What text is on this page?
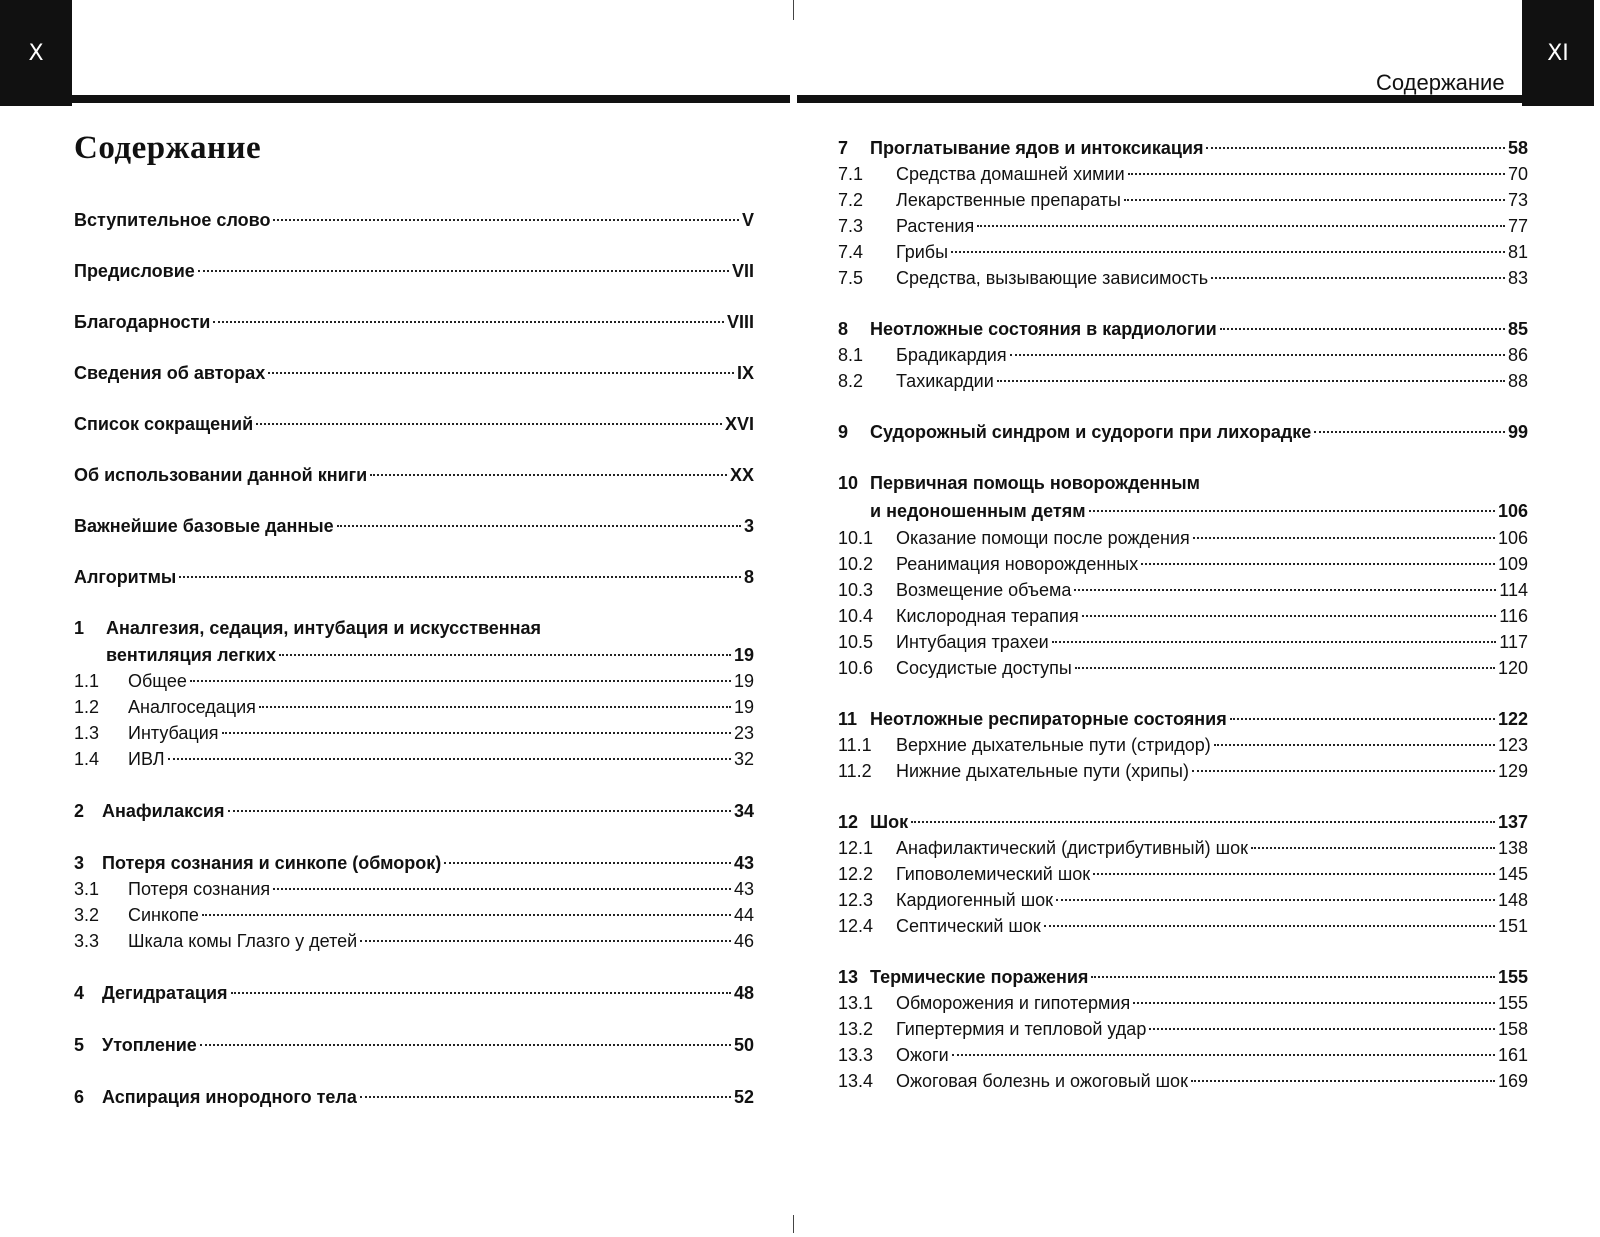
X
Содержание
XI
Содержание
Вступительное слово	V
Предисловие	VII
Благодарности	VIII
Сведения об авторах	IX
Список сокращений	XVI
Об использовании данной книги	XX
Важнейшие базовые данные	3
Алгоритмы	8
1	Аналгезия, седация, интубация и искусственная
вентиляция легких	19
1.1	Общее	19
1.2	Аналгоседация	19
1.3	Интубация	23
1.4	ИВЛ	32
2 Анафилаксия	34
3 Потеря сознания и синкопе (обморок)	43
3.1	Потеря сознания	43
3.2	Синкопе	44
3.3	Шкала комы Глазго у детей	46
4 Дегидратация	48
5 Утопление	50
6 Аспирация инородного тела	52
7	Проглатывание ядов и интоксикация	58
7.1	Средства домашней химии	70
7.2	Лекарственные препараты	73
7.3	Растения	77
7.4	Грибы	81
7.5	Средства, вызывающие зависимость	83
8	Неотложные состояния в кардиологии	85
8.1	Брадикардия	86
8.2	Тахикардии	88
9	Судорожный синдром и судороги при лихорадке	99
10 Первичная помощь новорожденным
и недоношенным детям	106
10.1	Оказание помощи после рождения	106
10.2	Реанимация новорожденных	109
10.3	Возмещение объема	114
10.4	Кислородная терапия	116
10.5	Интубация трахеи	117
10.6	Сосудистые доступы	120
11 Неотложные респираторные состояния	122
11.1	Верхние дыхательные пути (стридор)	123
11.2	Нижние дыхательные пути (хрипы)	129
12 Шок	137
12.1	Анафилактический (дистрибутивный) шок	138
12.2	Гиповолемический шок	145
12.3	Кардиогенный шок	148
12.4	Септический шок	151
13 Термические поражения	155
13.1	Обморожения и гипотермия	155
13.2	Гипертермия и тепловой удар	158
13.3	Ожоги	161
13.4	Ожоговая болезнь и ожоговый шок	169
